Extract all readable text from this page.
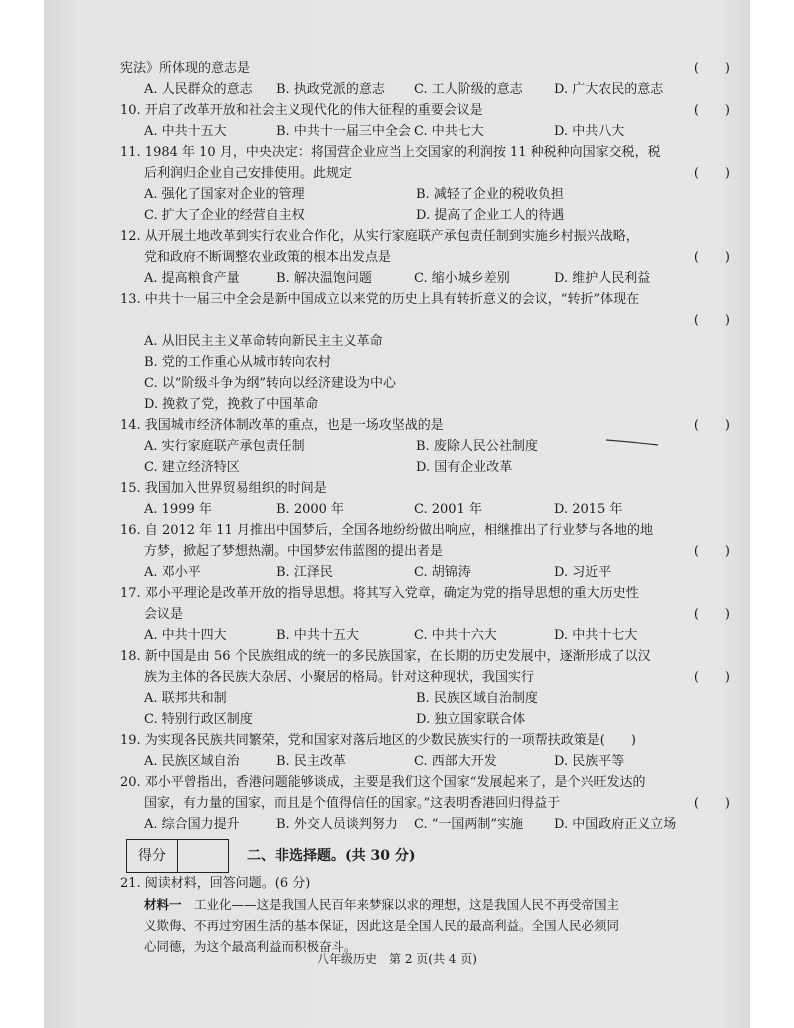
宪法》所体现的意志是	(　　)
A. 人民群众的意志	B. 执政党派的意志	C. 工人阶级的意志	D. 广大农民的意志
10. 开启了改革开放和社会主义现代化的伟大征程的重要会议是	(　　)
A. 中共十五大	B. 中共十一届三中全会 C. 中共七大	D. 中共八大
11. 1984 年 10 月，中央决定：将国营企业应当上交国家的利润按 11 种税种向国家交税，税
后利润归企业自己安排使用。此规定	(　　)
A. 强化了国家对企业的管理	B. 减轻了企业的税收负担
C. 扩大了企业的经营自主权	D. 提高了企业工人的待遇
12. 从开展土地改革到实行农业合作化，从实行家庭联产承包责任制到实施乡村振兴战略，
党和政府不断调整农业政策的根本出发点是	(　　)
A. 提高粮食产量	B. 解决温饱问题	C. 缩小城乡差别	D. 维护人民利益
13. 中共十一届三中全会是新中国成立以来党的历史上具有转折意义的会议，“转折”体现在
(　　)
A. 从旧民主主义革命转向新民主主义革命
B. 党的工作重心从城市转向农村
C. 以“阶级斗争为纲”转向以经济建设为中心
D. 挽救了党，挽救了中国革命
14. 我国城市经济体制改革的重点，也是一场攻坚战的是	(　　)
A. 实行家庭联产承包责任制	B. 废除人民公社制度
C. 建立经济特区	D. 国有企业改革
15. 我国加入世界贸易组织的时间是
A. 1999 年	B. 2000 年	C. 2001 年	D. 2015 年
16. 自 2012 年 11 月推出中国梦后，全国各地纷纷做出响应，相继推出了行业梦与各地的地
方梦，掀起了梦想热潮。中国梦宏伟蓝图的提出者是	(　　)
A. 邓小平	B. 江泽民	C. 胡锦涛	D. 习近平
17. 邓小平理论是改革开放的指导思想。将其写入党章，确定为党的指导思想的重大历史性
会议是	(　　)
A. 中共十四大	B. 中共十五大	C. 中共十六大	D. 中共十七大
18. 新中国是由 56 个民族组成的统一的多民族国家，在长期的历史发展中，逐渐形成了以汉
族为主体的各民族大杂居、小聚居的格局。针对这种现状，我国实行	(　　)
A. 联邦共和制	B. 民族区域自治制度
C. 特别行政区制度	D. 独立国家联合体
19. 为实现各民族共同繁荣，党和国家对落后地区的少数民族实行的一项帮扶政策是(　　)
A. 民族区域自治	B. 民主改革	C. 西部大开发	D. 民族平等
20. 邓小平曾指出，香港问题能够谈成，主要是我们这个国家“发展起来了，是个兴旺发达的
国家，有力量的国家，而且是个值得信任的国家。”这表明香港回归得益于	(　　)
A. 综合国力提升	B. 外交人员谈判努力	C. “一国两制”实施	D. 中国政府正义立场
得分	二、非选择题。(共 30 分)
21. 阅读材料，回答问题。(6 分)
材料一　工业化——这是我国人民百年来梦寐以求的理想，这是我国人民不再受帝国主
义欺侮、不再过穷困生活的基本保证，因此这是全国人民的最高利益。全国人民必须同
心同德，为这个最高利益而积极奋斗。
八年级历史　第 2 页(共 4 页)
